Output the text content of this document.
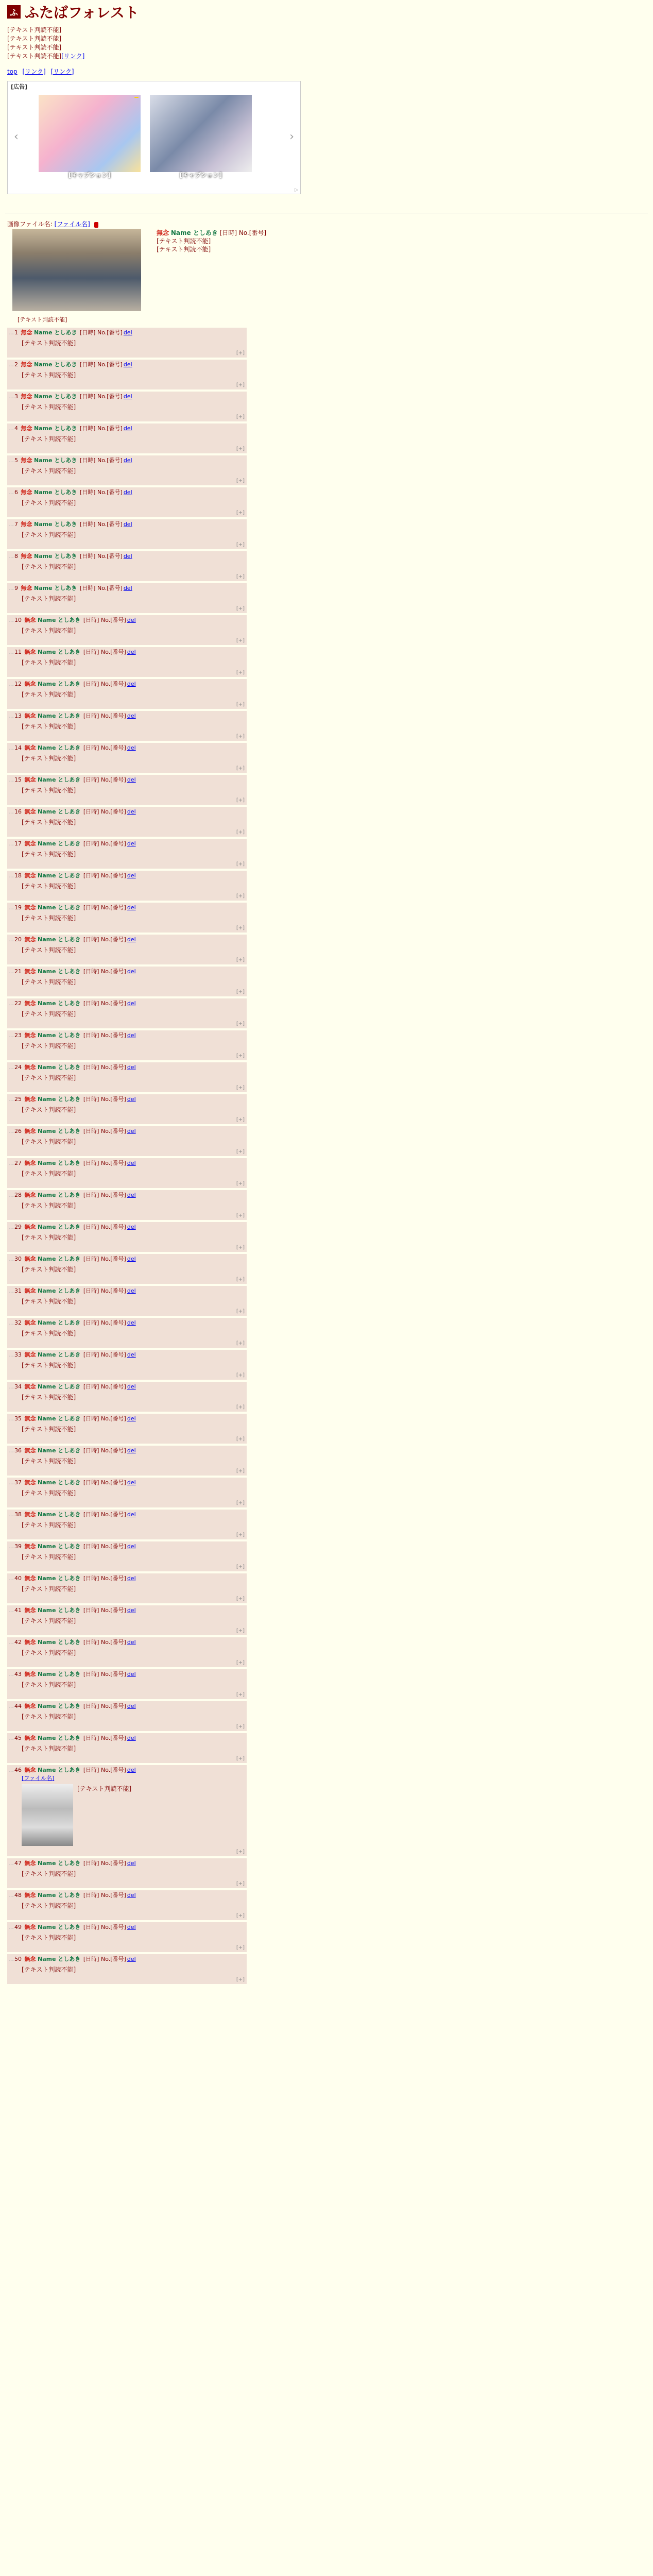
ふ ふたばフォレスト
[テキスト判読不能]
[テキスト判読不能]
[テキスト判読不能]
[テキスト判読不能][リンク]
top [リンク] [リンク]
[広告]
‹
[キャプション]	[キャプション]
›
▷
画像ファイル名: [ファイル名]
[テキスト判読不能]
無念 Name としあき [日時] No.[番号]

[テキスト判読不能]

[テキスト判読不能]

… 1 無念 Name としあき [日時] No.[番号] del
[テキスト判読不能]
[+]
… 2 無念 Name としあき [日時] No.[番号] del
[テキスト判読不能]
[+]
… 3 無念 Name としあき [日時] No.[番号] del
[テキスト判読不能]
[+]
… 4 無念 Name としあき [日時] No.[番号] del
[テキスト判読不能]
[+]
… 5 無念 Name としあき [日時] No.[番号] del
[テキスト判読不能]
[+]
… 6 無念 Name としあき [日時] No.[番号] del
[テキスト判読不能]
[+]
… 7 無念 Name としあき [日時] No.[番号] del
[テキスト判読不能]
[+]
… 8 無念 Name としあき [日時] No.[番号] del
[テキスト判読不能]
[+]
… 9 無念 Name としあき [日時] No.[番号] del
[テキスト判読不能]
[+]
… 10 無念 Name としあき [日時] No.[番号] del
[テキスト判読不能]
[+]
… 11 無念 Name としあき [日時] No.[番号] del
[テキスト判読不能]
[+]
… 12 無念 Name としあき [日時] No.[番号] del
[テキスト判読不能]
[+]
… 13 無念 Name としあき [日時] No.[番号] del
[テキスト判読不能]
[+]
… 14 無念 Name としあき [日時] No.[番号] del
[テキスト判読不能]
[+]
… 15 無念 Name としあき [日時] No.[番号] del
[テキスト判読不能]
[+]
… 16 無念 Name としあき [日時] No.[番号] del
[テキスト判読不能]
[+]
… 17 無念 Name としあき [日時] No.[番号] del
[テキスト判読不能]
[+]
… 18 無念 Name としあき [日時] No.[番号] del
[テキスト判読不能]
[+]
… 19 無念 Name としあき [日時] No.[番号] del
[テキスト判読不能]
[+]
… 20 無念 Name としあき [日時] No.[番号] del
[テキスト判読不能]
[+]
… 21 無念 Name としあき [日時] No.[番号] del
[テキスト判読不能]
[+]
… 22 無念 Name としあき [日時] No.[番号] del
[テキスト判読不能]
[+]
… 23 無念 Name としあき [日時] No.[番号] del
[テキスト判読不能]
[+]
… 24 無念 Name としあき [日時] No.[番号] del
[テキスト判読不能]
[+]
… 25 無念 Name としあき [日時] No.[番号] del
[テキスト判読不能]
[+]
… 26 無念 Name としあき [日時] No.[番号] del
[テキスト判読不能]
[+]
… 27 無念 Name としあき [日時] No.[番号] del
[テキスト判読不能]
[+]
… 28 無念 Name としあき [日時] No.[番号] del
[テキスト判読不能]
[+]
… 29 無念 Name としあき [日時] No.[番号] del
[テキスト判読不能]
[+]
… 30 無念 Name としあき [日時] No.[番号] del
[テキスト判読不能]
[+]
… 31 無念 Name としあき [日時] No.[番号] del
[テキスト判読不能]
[+]
… 32 無念 Name としあき [日時] No.[番号] del
[テキスト判読不能]
[+]
… 33 無念 Name としあき [日時] No.[番号] del
[テキスト判読不能]
[+]
… 34 無念 Name としあき [日時] No.[番号] del
[テキスト判読不能]
[+]
… 35 無念 Name としあき [日時] No.[番号] del
[テキスト判読不能]
[+]
… 36 無念 Name としあき [日時] No.[番号] del
[テキスト判読不能]
[+]
… 37 無念 Name としあき [日時] No.[番号] del
[テキスト判読不能]
[+]
… 38 無念 Name としあき [日時] No.[番号] del
[テキスト判読不能]
[+]
… 39 無念 Name としあき [日時] No.[番号] del
[テキスト判読不能]
[+]
… 40 無念 Name としあき [日時] No.[番号] del
[テキスト判読不能]
[+]
… 41 無念 Name としあき [日時] No.[番号] del
[テキスト判読不能]
[+]
… 42 無念 Name としあき [日時] No.[番号] del
[テキスト判読不能]
[+]
… 43 無念 Name としあき [日時] No.[番号] del
[テキスト判読不能]
[+]
… 44 無念 Name としあき [日時] No.[番号] del
[テキスト判読不能]
[+]
… 45 無念 Name としあき [日時] No.[番号] del
[テキスト判読不能]
[+]
… 46 無念 Name としあき [日時] No.[番号] del
[ファイル名]
[テキスト判読不能]
[+]
… 47 無念 Name としあき [日時] No.[番号] del
[テキスト判読不能]
[+]
… 48 無念 Name としあき [日時] No.[番号] del
[テキスト判読不能]
[+]
… 49 無念 Name としあき [日時] No.[番号] del
[テキスト判読不能]
[+]
… 50 無念 Name としあき [日時] No.[番号] del
[テキスト判読不能]
[+]
